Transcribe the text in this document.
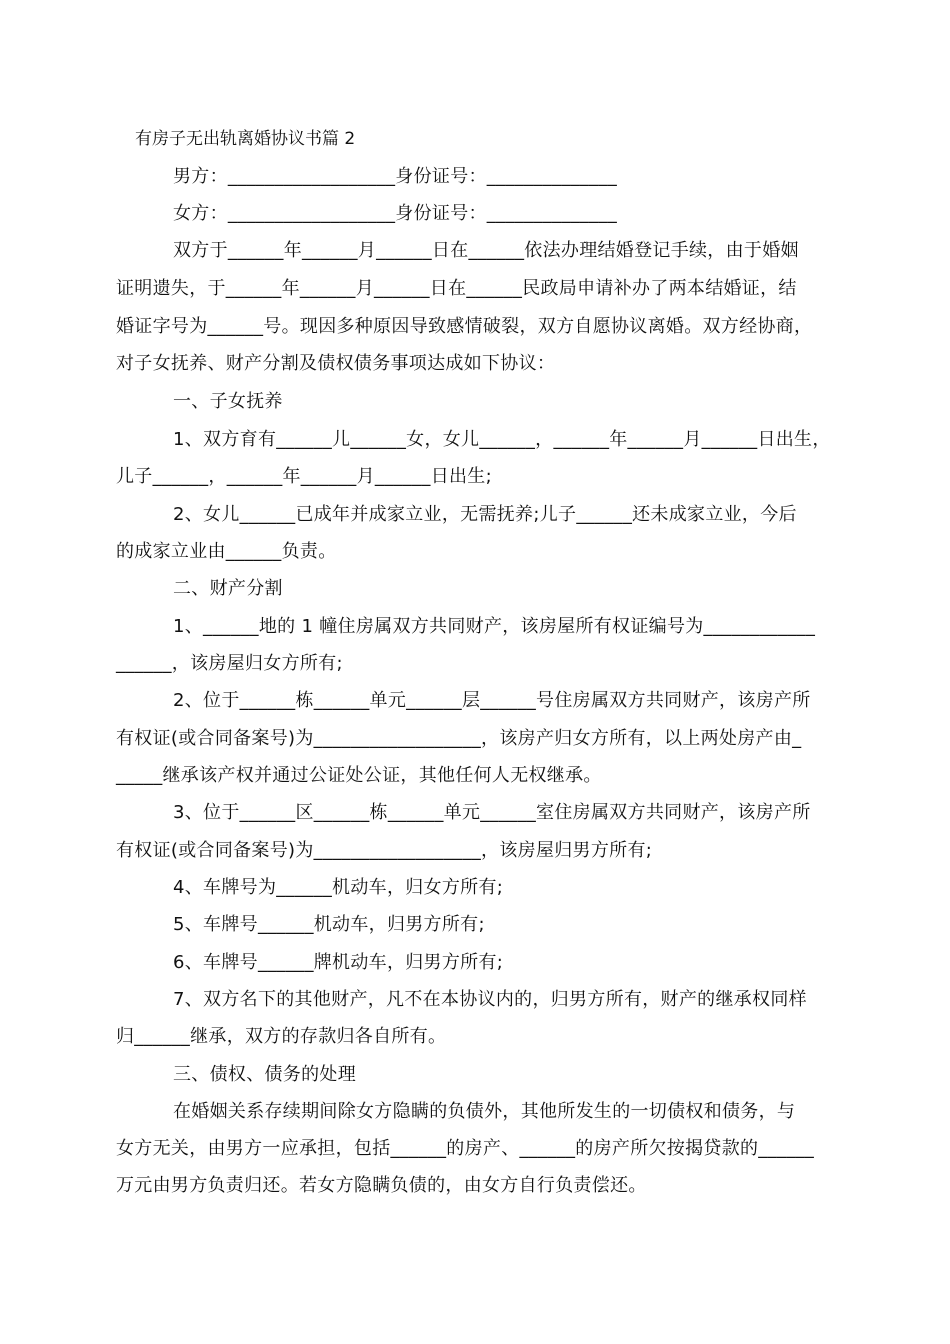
有房子无出轨离婚协议书篇 2
男方：__________________身份证号：______________
女方：__________________身份证号：______________
双方于______年______月______日在______依法办理结婚登记手续，由于婚姻
证明遗失，于______年______月______日在______民政局申请补办了两本结婚证，结
婚证字号为______号。现因多种原因导致感情破裂，双方自愿协议离婚。双方经协商，
对子女抚养、财产分割及债权债务事项达成如下协议：
一、子女抚养
1、双方育有______儿______女，女儿______，______年______月______日出生，
儿子______，______年______月______日出生;
2、女儿______已成年并成家立业，无需抚养;儿子______还未成家立业，今后
的成家立业由______负责。
二、财产分割
1、______地的 1 幢住房属双方共同财产，该房屋所有权证编号为____________
______，该房屋归女方所有;
2、位于______栋______单元______层______号住房属双方共同财产，该房产所
有权证(或合同备案号)为__________________，该房产归女方所有，以上两处房产由_
_____继承该产权并通过公证处公证，其他任何人无权继承。
3、位于______区______栋______单元______室住房属双方共同财产，该房产所
有权证(或合同备案号)为__________________，该房屋归男方所有;
4、车牌号为______机动车，归女方所有;
5、车牌号______机动车，归男方所有;
6、车牌号______牌机动车，归男方所有;
7、双方名下的其他财产，凡不在本协议内的，归男方所有，财产的继承权同样
归______继承，双方的存款归各自所有。
三、债权、债务的处理
在婚姻关系存续期间除女方隐瞒的负债外，其他所发生的一切债权和债务，与
女方无关，由男方一应承担，包括______的房产、______的房产所欠按揭贷款的______
万元由男方负责归还。若女方隐瞒负债的，由女方自行负责偿还。
